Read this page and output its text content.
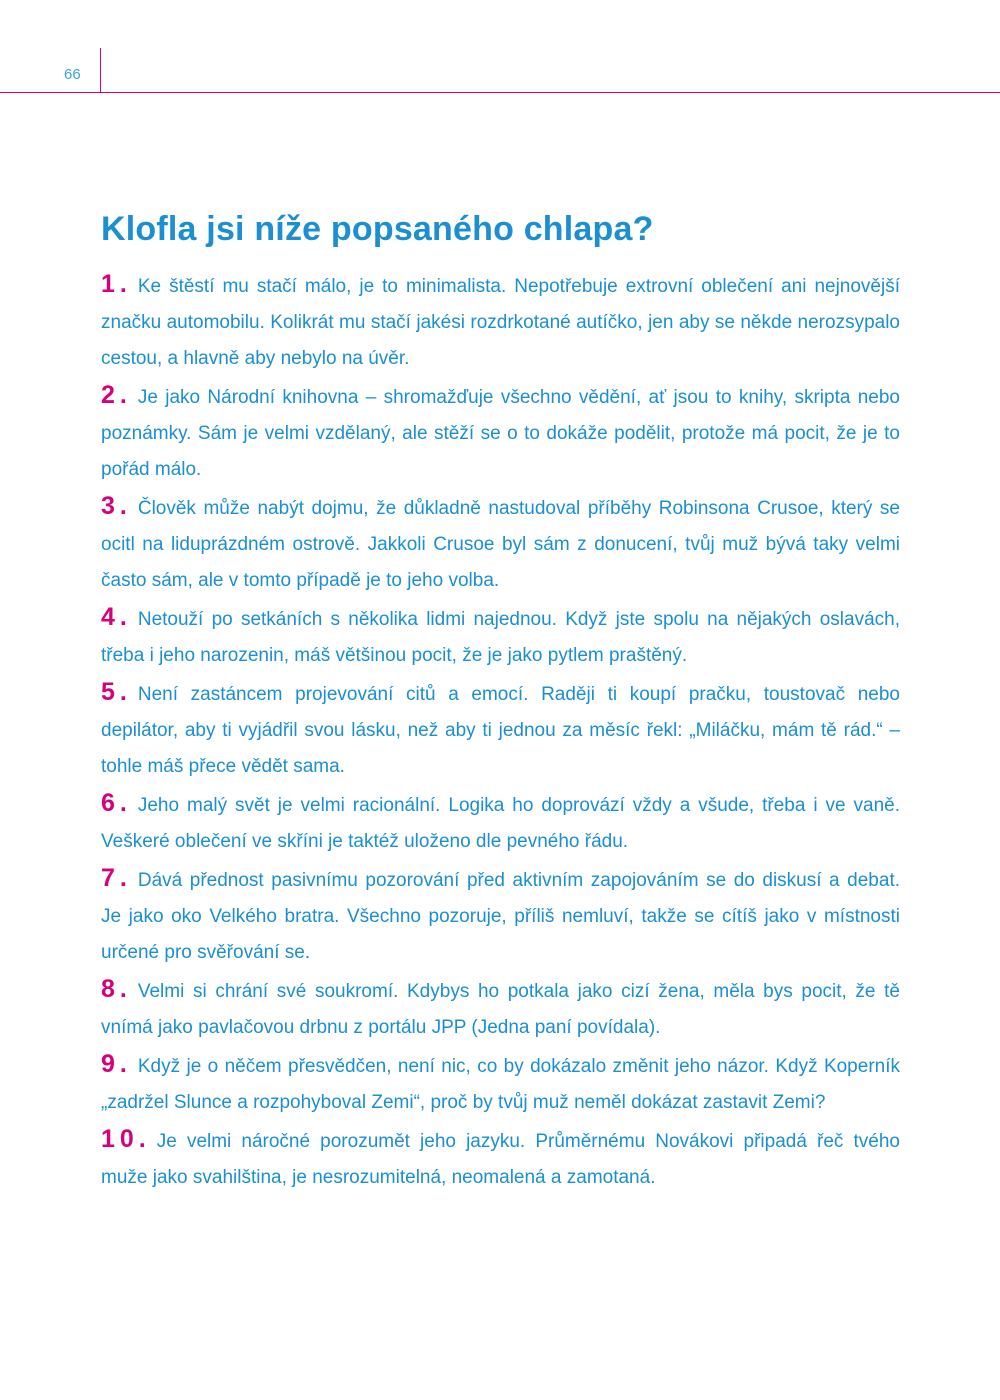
66
Klofla jsi níže popsaného chlapa?
1. Ke štěstí mu stačí málo, je to minimalista. Nepotřebuje extrovní oblečení ani nejnovější značku automobilu. Kolikrát mu stačí jakési rozdrkotané autíčko, jen aby se někde nerozsypalo cestou, a hlavně aby nebylo na úvěr.
2. Je jako Národní knihovna – shromažďuje všechno vědění, ať jsou to knihy, skripta nebo poznámky. Sám je velmi vzdělaný, ale stěží se o to dokáže podělit, protože má pocit, že je to pořád málo.
3. Člověk může nabýt dojmu, že důkladně nastudoval příběhy Robinsona Crusoe, který se ocitl na liduprázdném ostrově. Jakkoli Crusoe byl sám z donucení, tvůj muž bývá taky velmi často sám, ale v tomto případě je to jeho volba.
4. Netouží po setkáních s několika lidmi najednou. Když jste spolu na nějakých oslavách, třeba i jeho narozenin, máš většinou pocit, že je jako pytlem praštěný.
5. Není zastáncem projevování citů a emocí. Raději ti koupí pračku, toustovač nebo depilátor, aby ti vyjádřil svou lásku, než aby ti jednou za měsíc řekl: „Miláčku, mám tě rád.“ – tohle máš přece vědět sama.
6. Jeho malý svět je velmi racionální. Logika ho doprovází vždy a všude, třeba i ve vaně. Veškeré oblečení ve skříni je taktéž uloženo dle pevného řádu.
7. Dává přednost pasivnímu pozorování před aktivním zapojováním se do diskusí a debat. Je jako oko Velkého bratra. Všechno pozoruje, příliš nemluví, takže se cítíš jako v místnosti určené pro svěřování se.
8. Velmi si chrání své soukromí. Kdybys ho potkala jako cizí žena, měla bys pocit, že tě vnímá jako pavlačovou drbnu z portálu JPP (Jedna paní povídala).
9. Když je o něčem přesvědčen, není nic, co by dokázalo změnit jeho názor. Když Koperník „zadržel Slunce a rozpohyboval Zemi“, proč by tvůj muž neměl dokázat zastavit Zemi?
10. Je velmi náročné porozumět jeho jazyku. Průměrnému Novákovi připadá řeč tvého muže jako svahilština, je nesrozumitelná, neomalená a zamotaná.
